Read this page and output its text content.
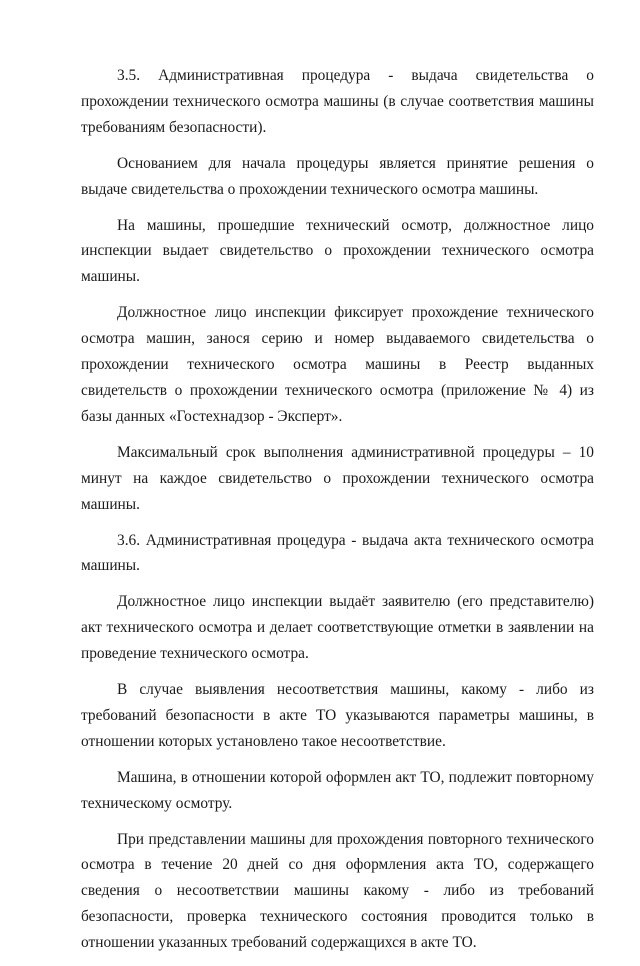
3.5. Административная процедура - выдача свидетельства о прохождении технического осмотра машины (в случае соответствия машины требованиям безопасности).

Основанием для начала процедуры является принятие решения о выдаче свидетельства о прохождении технического осмотра машины.

На машины, прошедшие технический осмотр, должностное лицо инспекции выдает свидетельство о прохождении технического осмотра машины.

Должностное лицо инспекции фиксирует прохождение технического осмотра машин, занося серию и номер выдаваемого свидетельства о прохождении технического осмотра машины в Реестр выданных свидетельств о прохождении технического осмотра (приложение № 4) из базы данных «Гостехнадзор - Эксперт».

Максимальный срок выполнения административной процедуры – 10 минут на каждое свидетельство о прохождении технического осмотра машины.

3.6. Административная процедура - выдача акта технического осмотра машины.

Должностное лицо инспекции выдаёт заявителю (его представителю) акт технического осмотра и делает соответствующие отметки в заявлении на проведение технического осмотра.

В случае выявления несоответствия машины, какому - либо из требований безопасности в акте ТО указываются параметры машины, в отношении которых установлено такое несоответствие.

Машина, в отношении которой оформлен акт ТО, подлежит повторному техническому осмотру.

При представлении машины для прохождения повторного технического осмотра в течение 20 дней со дня оформления акта ТО, содержащего сведения о несоответствии машины какому - либо из требований безопасности, проверка технического состояния проводится только в отношении указанных требований содержащихся в акте ТО.
